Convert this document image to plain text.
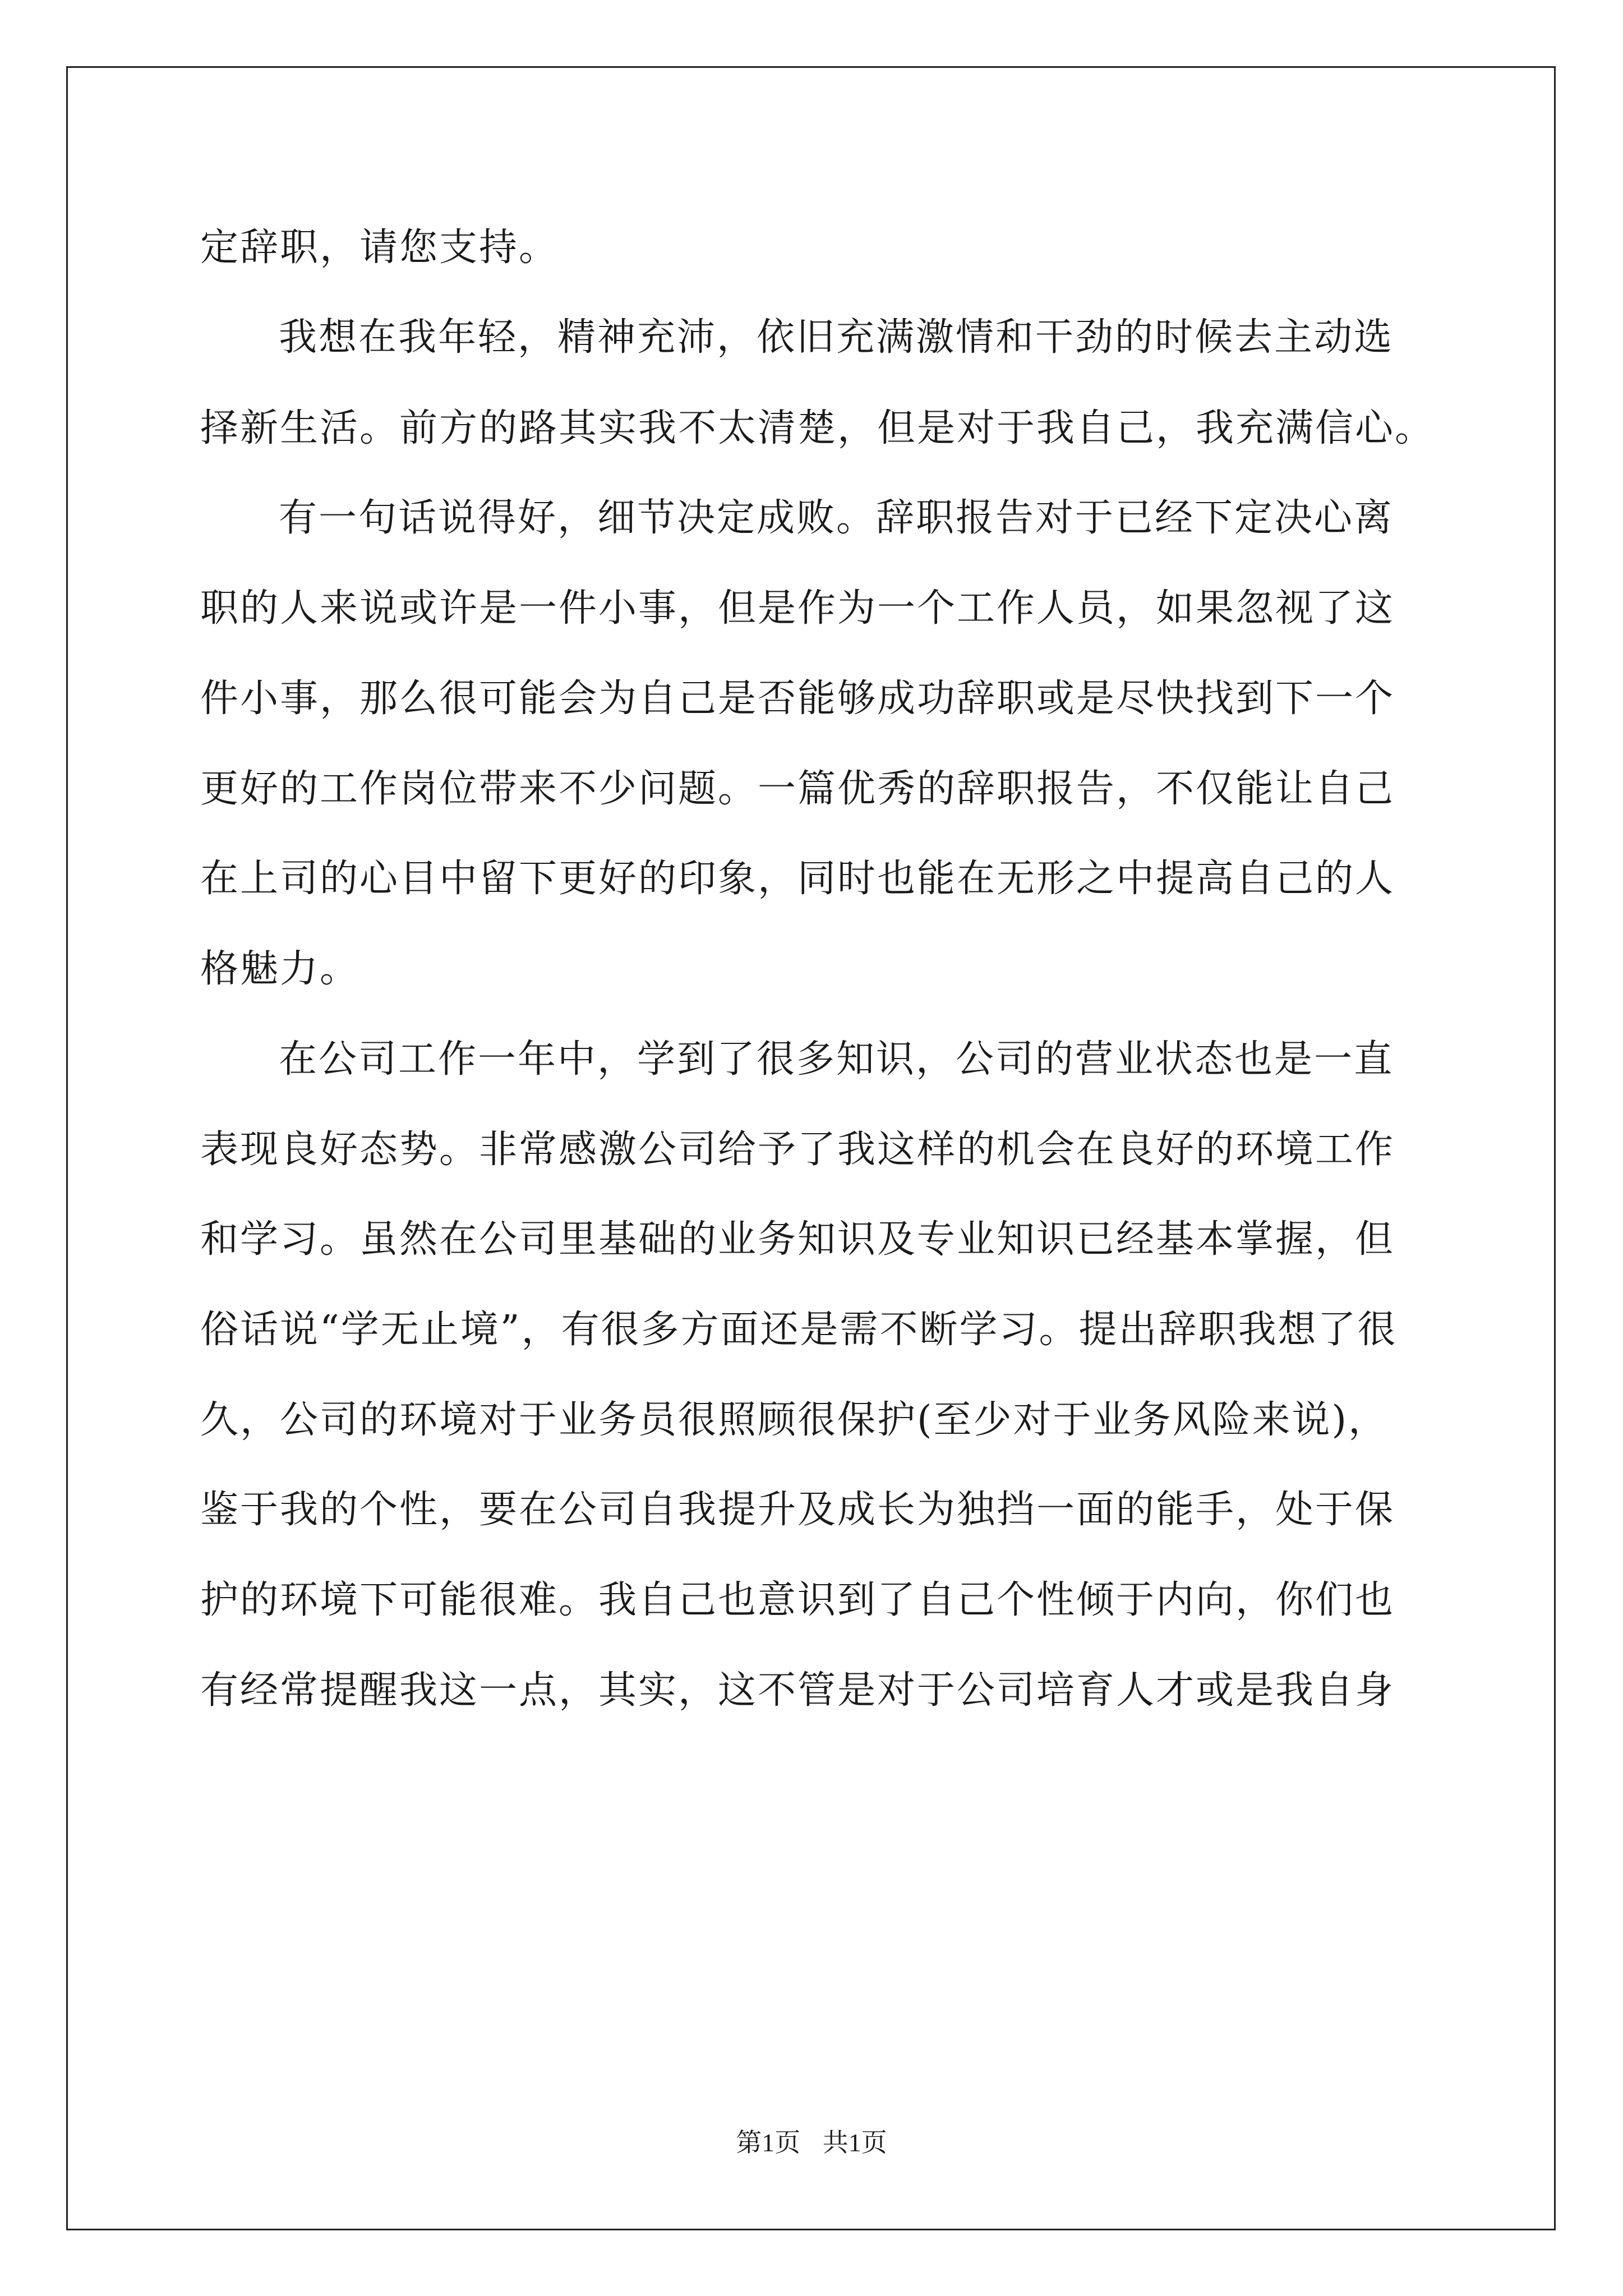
定辞职，请您支持。
我想在我年轻，精神充沛，依旧充满激情和干劲的时候去主动选
择新生活。前方的路其实我不太清楚，但是对于我自己，我充满信心。
有一句话说得好，细节决定成败。辞职报告对于已经下定决心离
职的人来说或许是一件小事，但是作为一个工作人员，如果忽视了这
件小事，那么很可能会为自己是否能够成功辞职或是尽快找到下一个
更好的工作岗位带来不少问题。一篇优秀的辞职报告，不仅能让自己
在上司的心目中留下更好的印象，同时也能在无形之中提高自己的人
格魅力。
在公司工作一年中，学到了很多知识，公司的营业状态也是一直
表现良好态势。非常感激公司给予了我这样的机会在良好的环境工作
和学习。虽然在公司里基础的业务知识及专业知识已经基本掌握，但
俗话说“学无止境”，有很多方面还是需不断学习。提出辞职我想了很
久，公司的环境对于业务员很照顾很保护(至少对于业务风险来说)，
鉴于我的个性，要在公司自我提升及成长为独挡一面的能手，处于保
护的环境下可能很难。我自己也意识到了自己个性倾于内向，你们也
有经常提醒我这一点，其实，这不管是对于公司培育人才或是我自身
第1页 共1页
